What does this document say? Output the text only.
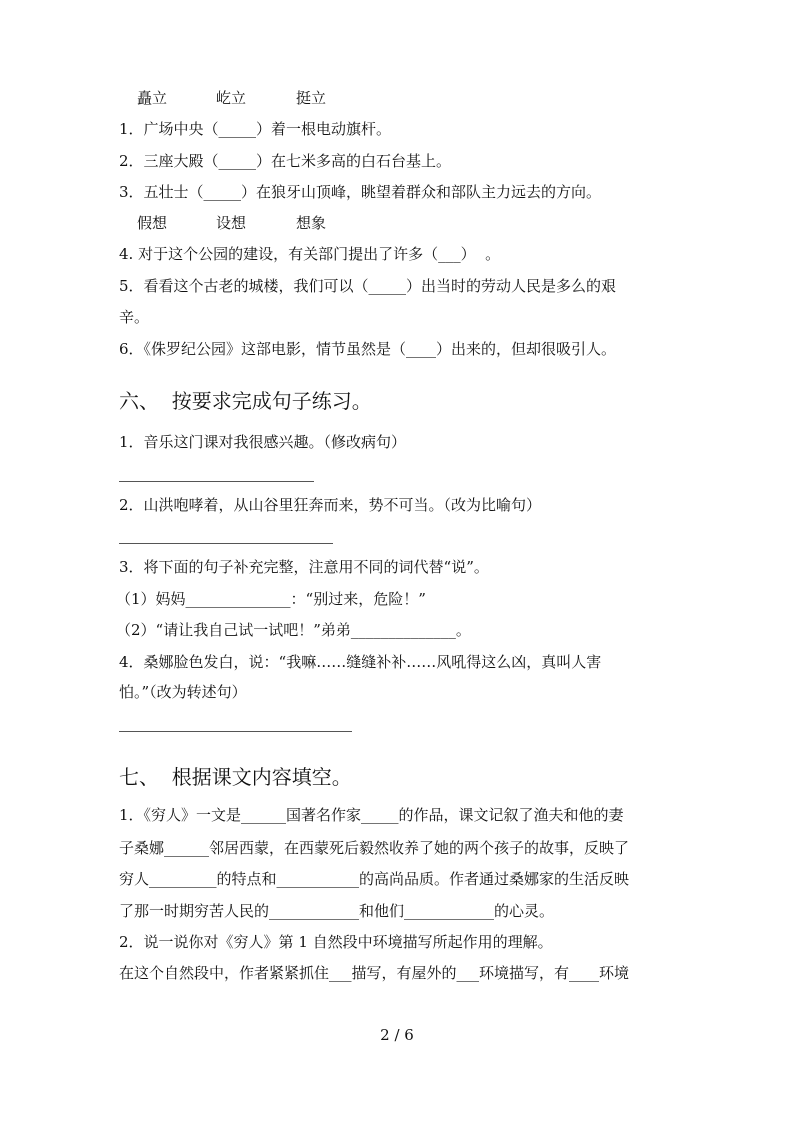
矗立	屹立	挺立
1．广场中央（_____）着一根电动旗杆。
2．三座大殿（_____）在七米多高的白石台基上。
3．五壮士（_____）在狼牙山顶峰，眺望着群众和部队主力远去的方向。
假想	设想	想象
4. 对于这个公园的建设，有关部门提出了许多（___）  。
5．看看这个古老的城楼，我们可以（_____）出当时的劳动人民是多么的艰
辛。
6．《侏罗纪公园》这部电影，情节虽然是（____）出来的，但却很吸引人。
六、  按要求完成句子练习。
1．音乐这门课对我很感兴趣。（修改病句）
2．山洪咆哮着，从山谷里狂奔而来，势不可当。（改为比喻句）
3．将下面的句子补充完整，注意用不同的词代替“说”。
（1）妈妈______________：“别过来，危险！”
（2）“请让我自己试一试吧！”弟弟______________。
4．桑娜脸色发白，说：“我嘛……缝缝补补……风吼得这么凶，真叫人害
怕。”（改为转述句）
七、  根据课文内容填空。
1．《穷人》一文是______国著名作家_____的作品，课文记叙了渔夫和他的妻
子桑娜______邻居西蒙，在西蒙死后毅然收养了她的两个孩子的故事，反映了
穷人_________的特点和___________的高尚品质。作者通过桑娜家的生活反映
了那一时期穷苦人民的____________和他们____________的心灵。
2．说一说你对《穷人》第 1 自然段中环境描写所起作用的理解。
在这个自然段中，作者紧紧抓住___描写，有屋外的___环境描写，有____环境
2 / 6
